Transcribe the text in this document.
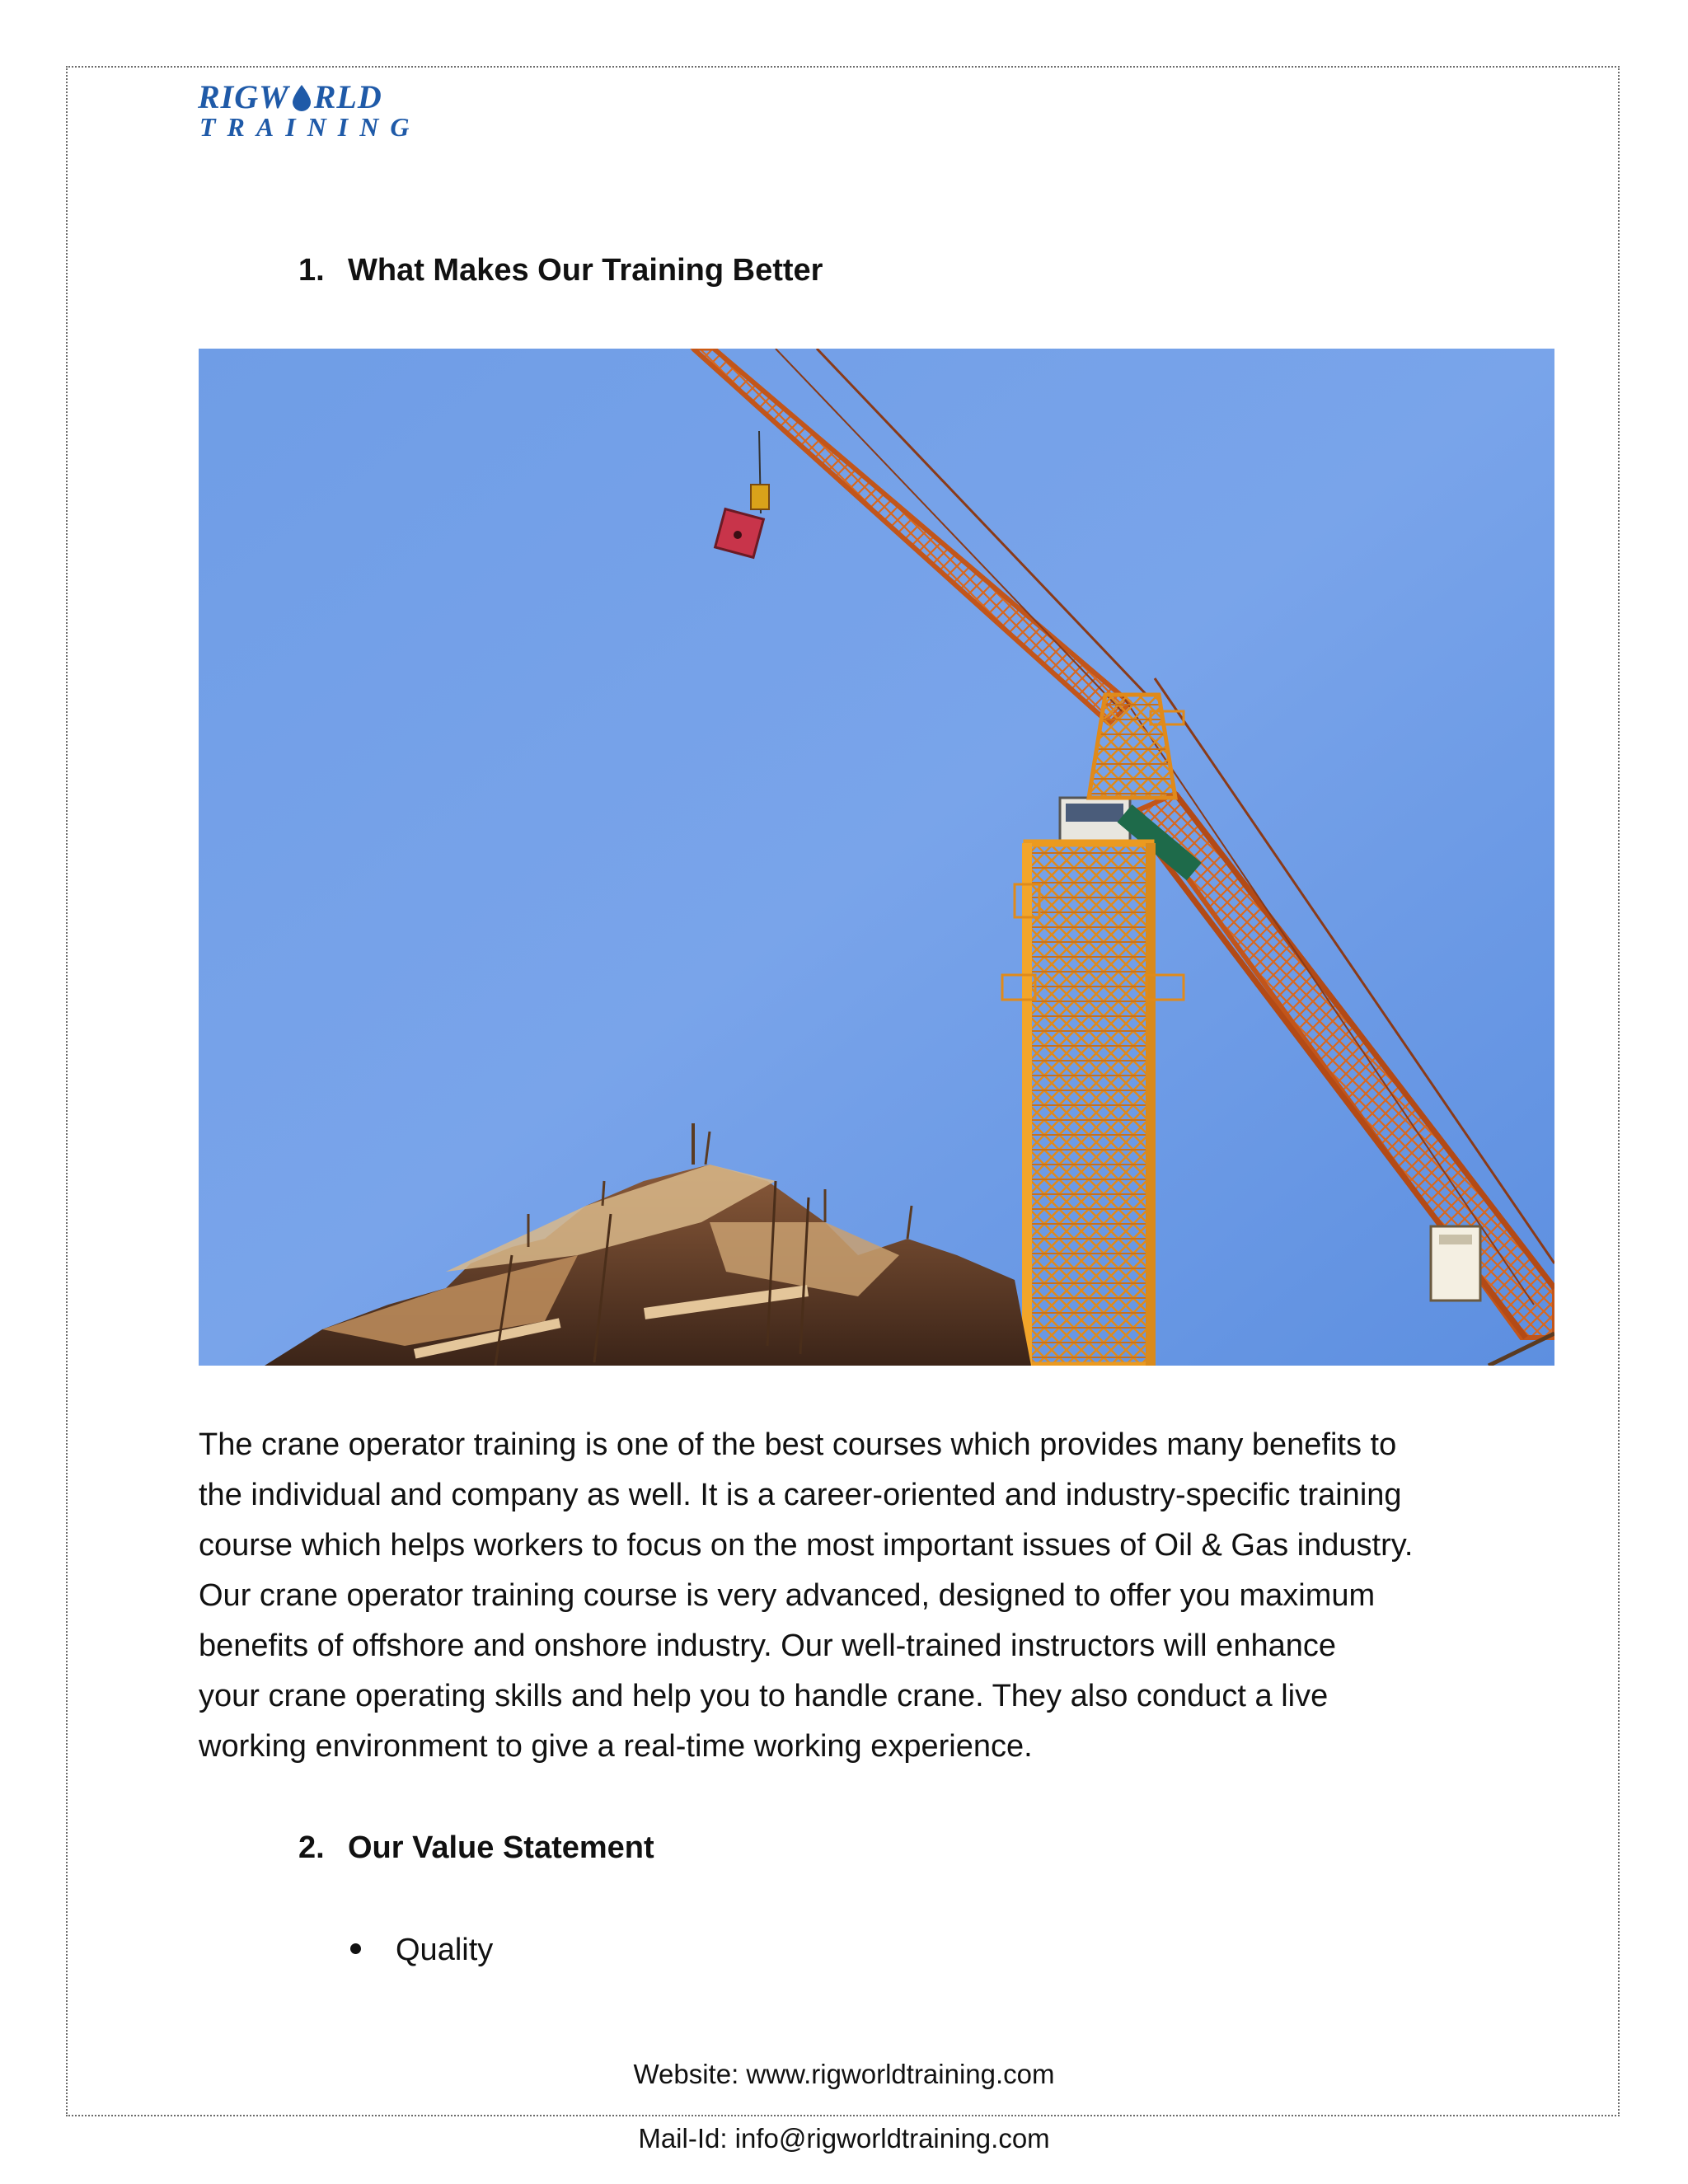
RIGW RLD
TRAINING
1. What Makes Our Training Better
The crane operator training is one of the best courses which provides many benefits to
the individual and company as well. It is a career-oriented and industry-specific training
course which helps workers to focus on the most important issues of Oil & Gas industry.
Our crane operator training course is very advanced, designed to offer you maximum
benefits of offshore and onshore industry. Our well-trained instructors will enhance
your crane operating skills and help you to handle crane. They also conduct a live
working environment to give a real-time working experience.
2. Our Value Statement
Quality
Website: www.rigworldtraining.com
Mail-Id: info@rigworldtraining.com
